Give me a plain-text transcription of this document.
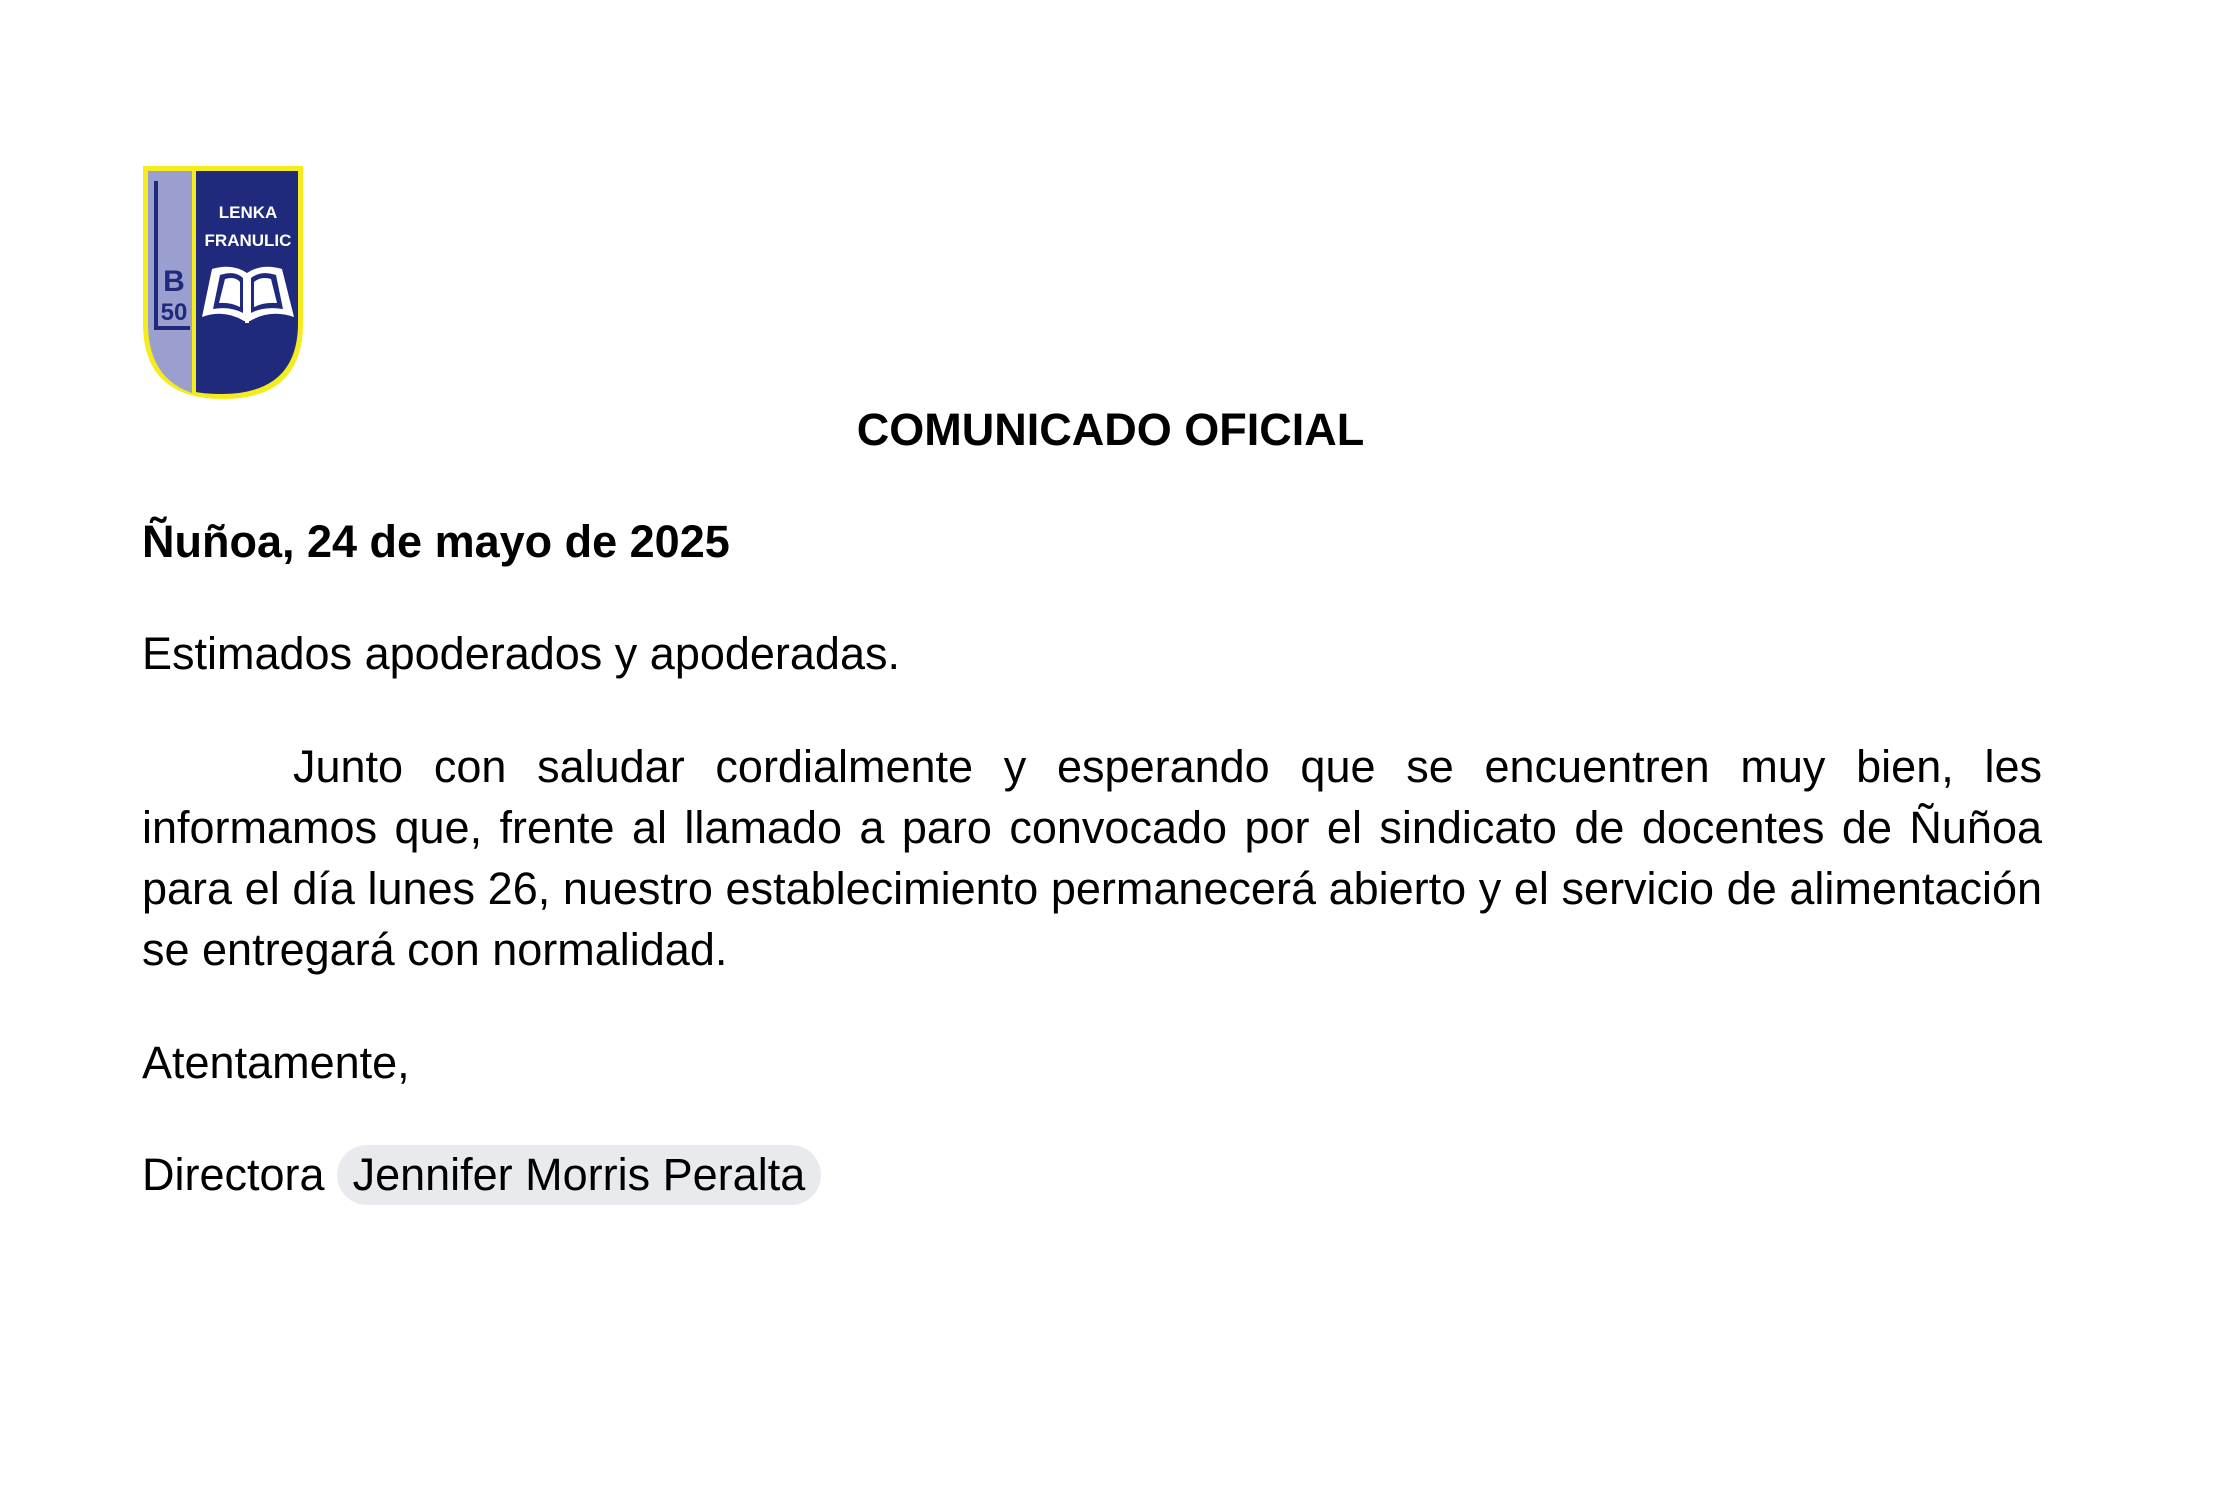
B
50
LENKA
FRANULIC
COMUNICADO OFICIAL
Ñuñoa, 24 de mayo de 2025
Estimados apoderados y apoderadas.
Junto con saludar cordialmente y esperando que se encuentren muy bien, les informamos que, frente al llamado a paro convocado por el sindicato de docentes de Ñuñoa para el día lunes 26, nuestro establecimiento permanecerá abierto y el servicio de alimentación se entregará con normalidad.
Atentamente,
Directora Jennifer Morris Peralta
